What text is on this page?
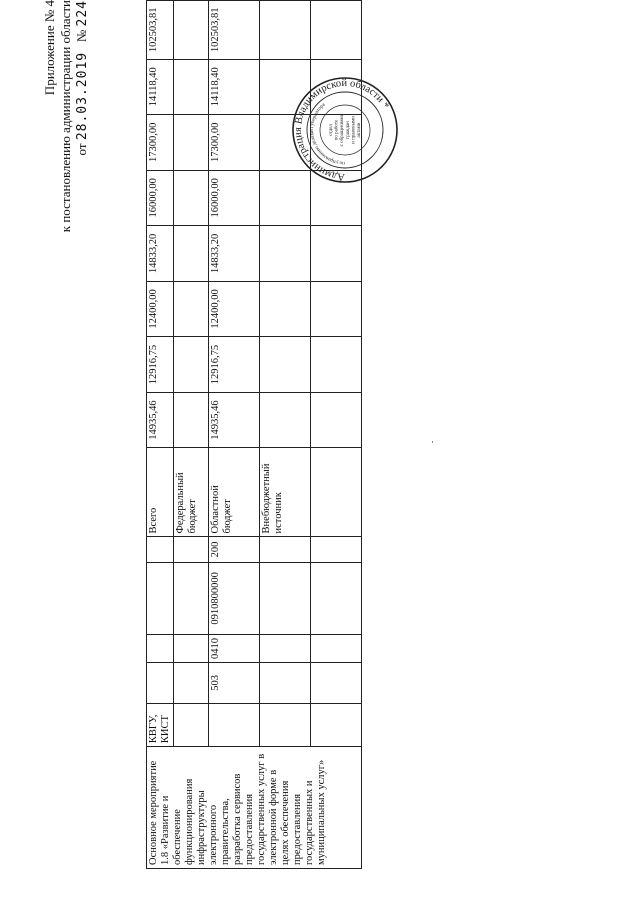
Приложение № 4 к постановлению администрации области от 28.03.2019   № 224
Основное мероприятие 1.8 «Развитие и обеспечение функционирования инфраструктуры электронного правительства, разработка сервисов предоставления государственных услуг в электронной форме в целях обеспечения предоставления государственных и муниципальных услуг»	КВГУ, КИСТ					Всего	14935,46	12916,75	12400,00	14833,20	16000,00	17300,00	14118,40	102503,81
						Федеральный бюджет								
		503	0410	0910800000	200	Областной бюджет	14935,46	12916,75	12400,00	14833,20	16000,00	17300,00	14118,40	102503,81
						Внебюджетный источник								

Администрация Владимирской области *
по управлению делами губернатора
отдел по работе с обращениями граждан и правовыми актами
